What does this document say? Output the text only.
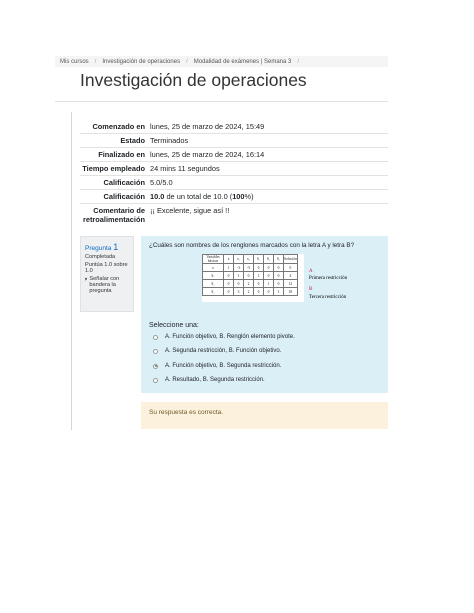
Mis cursos / Investigación de operaciones / Modalidad de exámenes | Semana 3 /
Investigación de operaciones
Comenzado en lunes, 25 de marzo de 2024, 15:49
Estado Terminados
Finalizado en lunes, 25 de marzo de 2024, 16:14
Tiempo empleado 24 mins 11 segundos
Calificación 5.0/5.0
Calificación 10.0 de un total de 10.0 (100%)
Comentario de retroalimentación
¡¡ Excelente, sigue así !!
Pregunta 1
Completada
Puntúa 1.0 sobre 1.0
Señalar con bandera la pregunta
¿Cuáles son nombres de los renglones marcados con la letra A y letra B?
Variables básicas	z	x₁	x₂	S₁	S₂	S₃	Solución
z	1	-3	-5	0	0	0	0
S₁	0	1	0	1	0	0	4
S₂	0	0	2	0	1	0	12
S₃	0	3	2	0	0	1	18
A
Primera restricción
B
Tercera restricción
Seleccione una:
A. Función objetivo, B. Renglón elemento pivote.
A. Segunda restricción, B. Función objetivo.
A. Función objetivo, B. Segunda restricción.
A. Resultado, B. Segunda restricción.
Su respuesta es correcta.
